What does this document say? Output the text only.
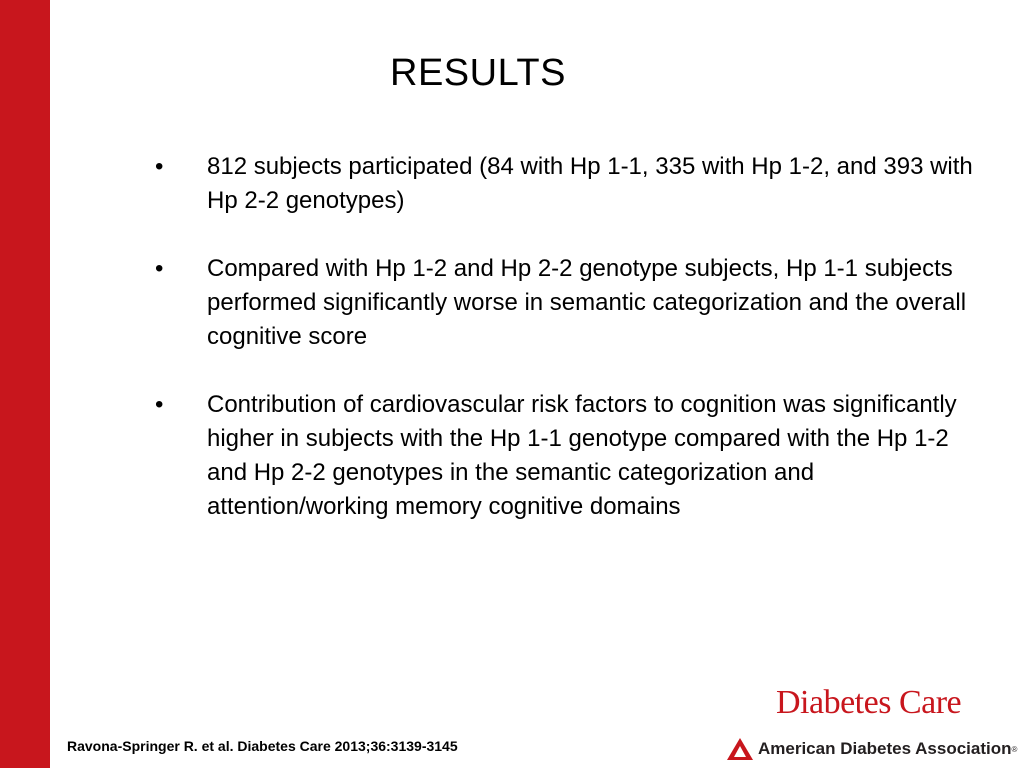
RESULTS
• 812 subjects participated (84 with Hp 1-1, 335 with Hp 1-2, and 393 with Hp 2-2 genotypes)
• Compared with Hp 1-2 and Hp 2-2 genotype subjects, Hp 1-1 subjects performed significantly worse in semantic categorization and the overall cognitive score
• Contribution of cardiovascular risk factors to cognition was significantly higher in subjects with the Hp 1-1 genotype compared with the Hp 1-2 and Hp 2-2 genotypes in the semantic categorization and attention/working memory cognitive domains
Ravona-Springer R. et al. Diabetes Care 2013;36:3139-3145
Diabetes Care
American Diabetes Association ®
